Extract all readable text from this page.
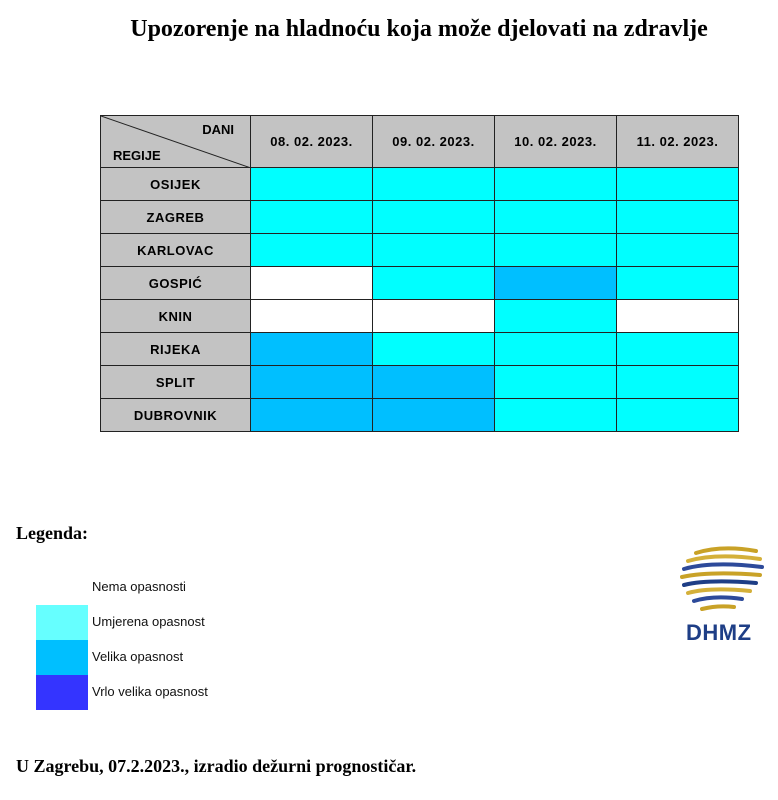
Upozorenje na hladnoću koja može djelovati na zdravlje
DANI
REGIJE	08. 02. 2023.	09. 02. 2023.	10. 02. 2023.	11. 02. 2023.
OSIJEK				
ZAGREB				
KARLOVAC				
GOSPIĆ				
KNIN				
RIJEKA				
SPLIT				
DUBROVNIK				
Legenda:
Nema opasnosti
Umjerena opasnost
Velika opasnost
Vrlo velika opasnost
DHMZ
U Zagrebu, 07.2.2023., izradio dežurni prognostičar.
